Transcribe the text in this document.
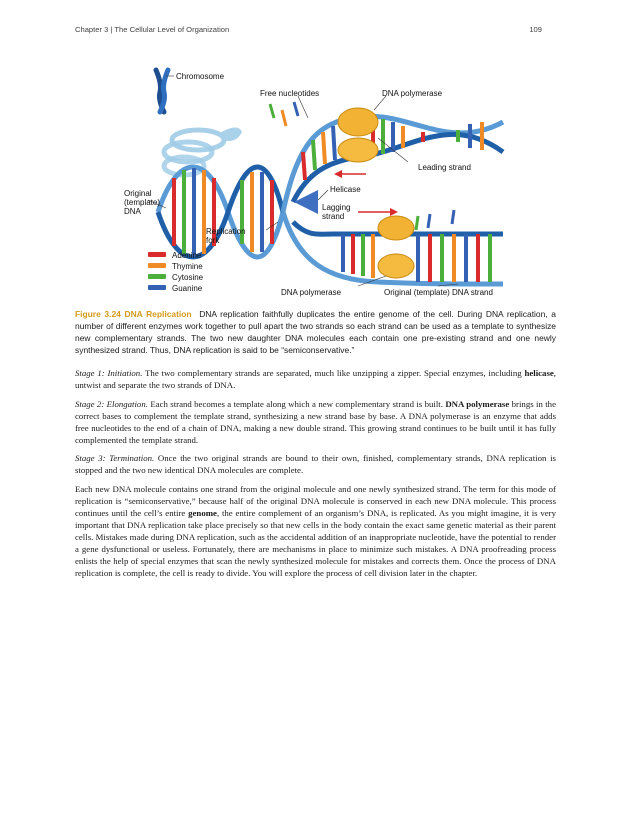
Chapter 3 | The Cellular Level of Organization	109
Chromosome
Free nucleotides	DNA polymerase
Leading strand
Original
(template)
DNA
Helicase
Lagging
strand
Replication
fork
DNA polymerase	Original (template) DNA strand
Adenine
Thymine
Cytosine
Guanine

Figure 3.24 DNA Replication DNA replication faithfully duplicates the entire genome of the cell. During DNA replication, a number of different enzymes work together to pull apart the two strands so each strand can be used as a template to synthesize new complementary strands. The two new daughter DNA molecules each contain one pre-existing strand and one newly synthesized strand. Thus, DNA replication is said to be “semiconservative.”

Stage 1: Initiation. The two complementary strands are separated, much like unzipping a zipper. Special enzymes, including helicase, untwist and separate the two strands of DNA.

Stage 2: Elongation. Each strand becomes a template along which a new complementary strand is built. DNA polymerase brings in the correct bases to complement the template strand, synthesizing a new strand base by base. A DNA polymerase is an enzyme that adds free nucleotides to the end of a chain of DNA, making a new double strand. This growing strand continues to be built until it has fully complemented the template strand.

Stage 3: Termination. Once the two original strands are bound to their own, finished, complementary strands, DNA replication is stopped and the two new identical DNA molecules are complete.

Each new DNA molecule contains one strand from the original molecule and one newly synthesized strand. The term for this mode of replication is “semiconservative,” because half of the original DNA molecule is conserved in each new DNA molecule. This process continues until the cell’s entire genome, the entire complement of an organism’s DNA, is replicated. As you might imagine, it is very important that DNA replication take place precisely so that new cells in the body contain the exact same genetic material as their parent cells. Mistakes made during DNA replication, such as the accidental addition of an inappropriate nucleotide, have the potential to render a gene dysfunctional or useless. Fortunately, there are mechanisms in place to minimize such mistakes. A DNA proofreading process enlists the help of special enzymes that scan the newly synthesized molecule for mistakes and corrects them. Once the process of DNA replication is complete, the cell is ready to divide. You will explore the process of cell division later in the chapter.
